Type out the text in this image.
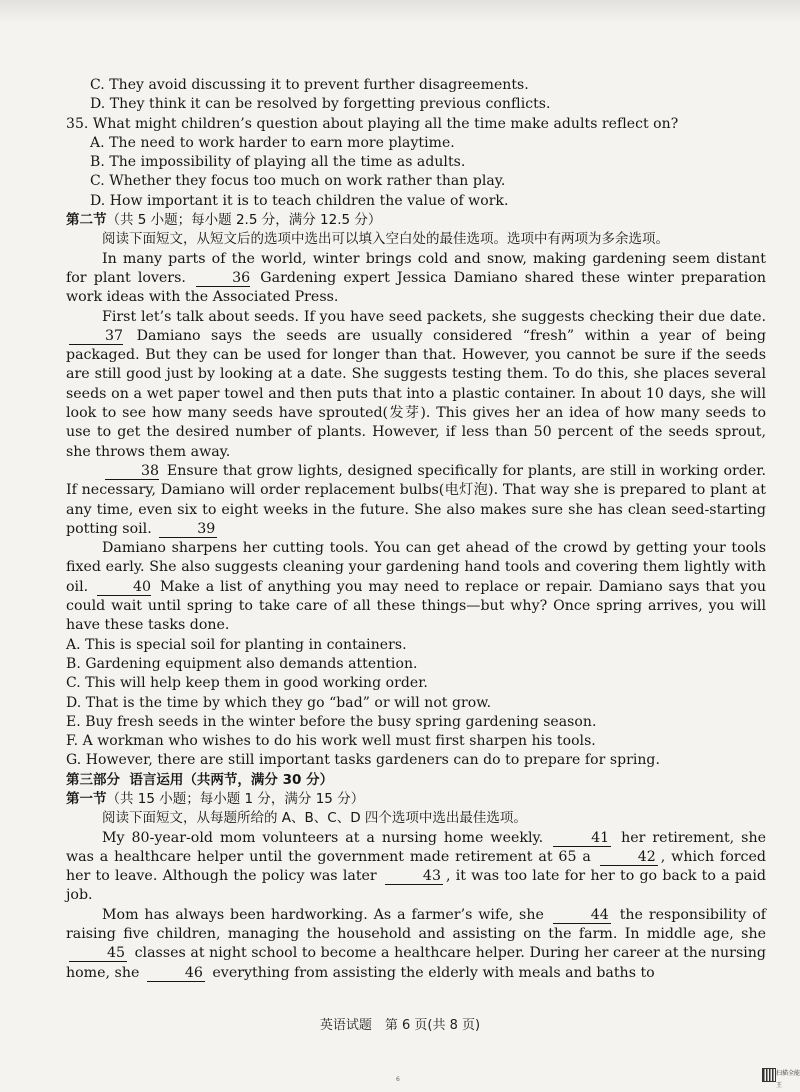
C. They avoid discussing it to prevent further disagreements.
D. They think it can be resolved by forgetting previous conflicts.
35. What might children’s question about playing all the time make adults reflect on?
A. The need to work harder to earn more playtime.
B. The impossibility of playing all the time as adults.
C. Whether they focus too much on work rather than play.
D. How important it is to teach children the value of work.
第二节（共 5 小题；每小题 2.5 分，满分 12.5 分）

阅读下面短文，从短文后的选项中选出可以填入空白处的最佳选项。选项中有两项为多余选项。

In many parts of the world, winter brings cold and snow, making gardening seem distant for plant lovers.	36 Gardening expert Jessica Damiano shared these winter preparation work ideas with the Associated Press.

First let’s talk about seeds. If you have seed packets, she suggests checking their due date. 37 Damiano says the seeds are usually considered “fresh” within a year of being packaged. But they can be used for longer than that. However, you cannot be sure if the seeds are still good just by looking at a date. She suggests testing them. To do this, she places several seeds on a wet paper towel and then puts that into a plastic container. In about 10 days, she will look to see how many seeds have sprouted(发芽). This gives her an idea of how many seeds to use to get the desired number of plants. However, if less than 50 percent of the seeds sprout, she throws them away.

38 Ensure that grow lights, designed specifically for plants, are still in working order. If necessary, Damiano will order replacement bulbs(电灯泡). That way she is prepared to plant at any time, even six to eight weeks in the future. She also makes sure she has clean seed-starting potting soil.	39

Damiano sharpens her cutting tools. You can get ahead of the crowd by getting your tools fixed early. She also suggests cleaning your gardening hand tools and covering them lightly with oil.	40 Make a list of anything you may need to replace or repair. Damiano says that you could wait until spring to take care of all these things—but why? Once spring arrives, you will have these tasks done.

A. This is special soil for planting in containers.
B. Gardening equipment also demands attention.
C. This will help keep them in good working order.
D. That is the time by which they go “bad” or will not grow.
E. Buy fresh seeds in the winter before the busy spring gardening season.
F. A workman who wishes to do his work well must first sharpen his tools.
G. However, there are still important tasks gardeners can do to prepare for spring.
第三部分 语言运用（共两节，满分 30 分）
第一节（共 15 小题；每小题 1 分，满分 15 分）

阅读下面短文，从每题所给的 A、B、C、D 四个选项中选出最佳选项。

My 80-year-old mom volunteers at a nursing home weekly.	41 her retirement, she was a healthcare helper until the government made retirement at 65 a	42 , which forced her to leave. Although the policy was later	43 , it was too late for her to go back to a paid job.

Mom has always been hardworking. As a farmer’s wife, she	44 the responsibility of raising five children, managing the household and assisting on the farm. In middle age, she 45 classes at night school to become a healthcare helper. During her career at the nursing home, she	46 everything from assisting the elderly with meals and baths to

英语试题　第 6 页(共 8 页)
6
扫描全能王
